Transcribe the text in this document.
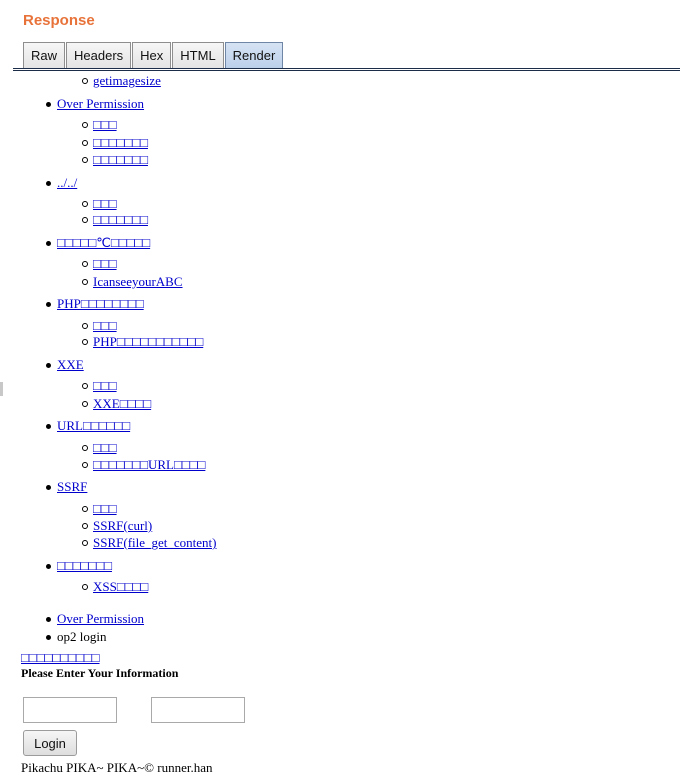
Response
Raw	Headers	Hex	HTML	Render
getimagesize
Over Permission
□□□
□□□□□□□
□□□□□□□
../../
□□□
□□□□□□□
□□□□□℃□□□□□
□□□
IcanseeyourABC
PHP□□□□□□□□
□□□
PHP□□□□□□□□□□□
XXE
□□□
XXE□□□□
URL□□□□□□
□□□
□□□□□□□URL□□□□
SSRF
□□□
SSRF(curl)
SSRF(file_get_content)
□□□□□□□
XSS□□□□
Over Permission
op2 login
□□□□□□□□□□
Please Enter Your Information
Login
Pikachu PIKA~ PIKA~© runner.han
